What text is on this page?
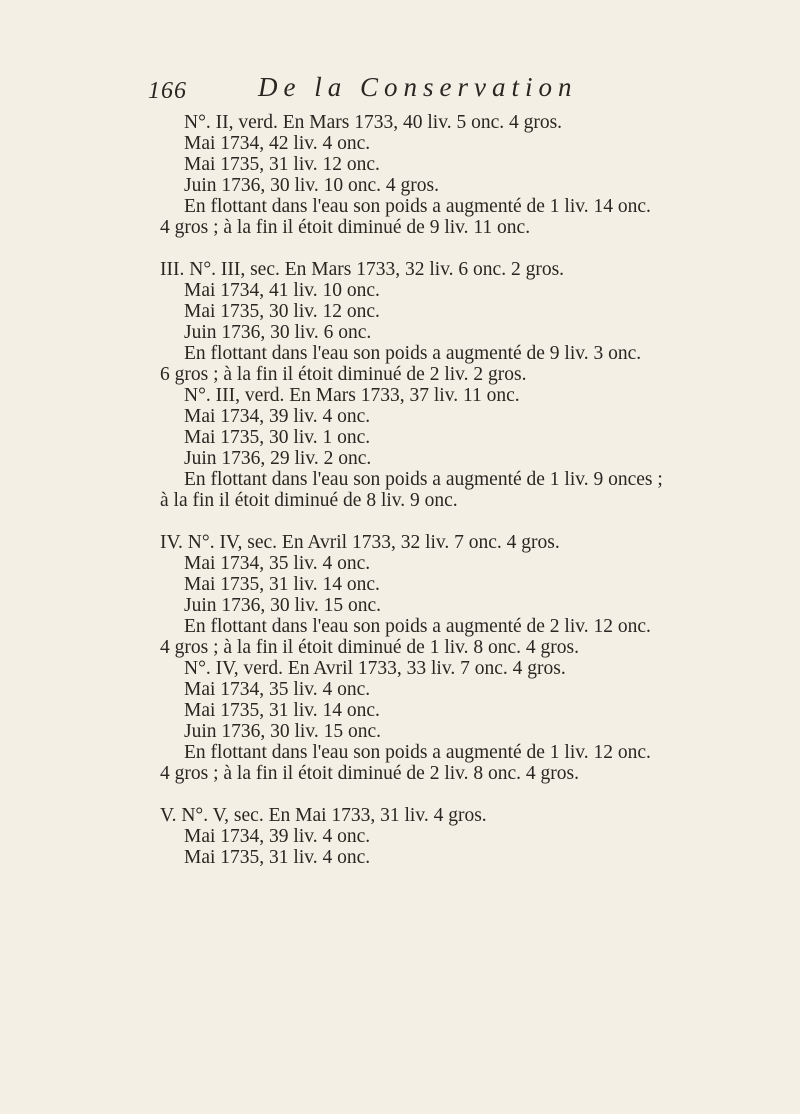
166	De la Conservation
N°. II, verd. En Mars 1733, 40 liv. 5 onc. 4 gros.
Mai 1734, 42 liv. 4 onc.
Mai 1735, 31 liv. 12 onc.
Juin 1736, 30 liv. 10 onc. 4 gros.
En flottant dans l'eau son poids a augmenté de 1 liv. 14 onc.
4 gros ; à la fin il étoit diminué de 9 liv. 11 onc.
III. N°. III, sec. En Mars 1733, 32 liv. 6 onc. 2 gros.
Mai 1734, 41 liv. 10 onc.
Mai 1735, 30 liv. 12 onc.
Juin 1736, 30 liv. 6 onc.
En flottant dans l'eau son poids a augmenté de 9 liv. 3 onc.
6 gros ; à la fin il étoit diminué de 2 liv. 2 gros.
N°. III, verd. En Mars 1733, 37 liv. 11 onc.
Mai 1734, 39 liv. 4 onc.
Mai 1735, 30 liv. 1 onc.
Juin 1736, 29 liv. 2 onc.
En flottant dans l'eau son poids a augmenté de 1 liv. 9 onces ;
à la fin il étoit diminué de 8 liv. 9 onc.
IV. N°. IV, sec. En Avril 1733, 32 liv. 7 onc. 4 gros.
Mai 1734, 35 liv. 4 onc.
Mai 1735, 31 liv. 14 onc.
Juin 1736, 30 liv. 15 onc.
En flottant dans l'eau son poids a augmenté de 2 liv. 12 onc.
4 gros ; à la fin il étoit diminué de 1 liv. 8 onc. 4 gros.
N°. IV, verd. En Avril 1733, 33 liv. 7 onc. 4 gros.
Mai 1734, 35 liv. 4 onc.
Mai 1735, 31 liv. 14 onc.
Juin 1736, 30 liv. 15 onc.
En flottant dans l'eau son poids a augmenté de 1 liv. 12 onc.
4 gros ; à la fin il étoit diminué de 2 liv. 8 onc. 4 gros.
V. N°. V, sec. En Mai 1733, 31 liv. 4 gros.
Mai 1734, 39 liv. 4 onc.
Mai 1735, 31 liv. 4 onc.
